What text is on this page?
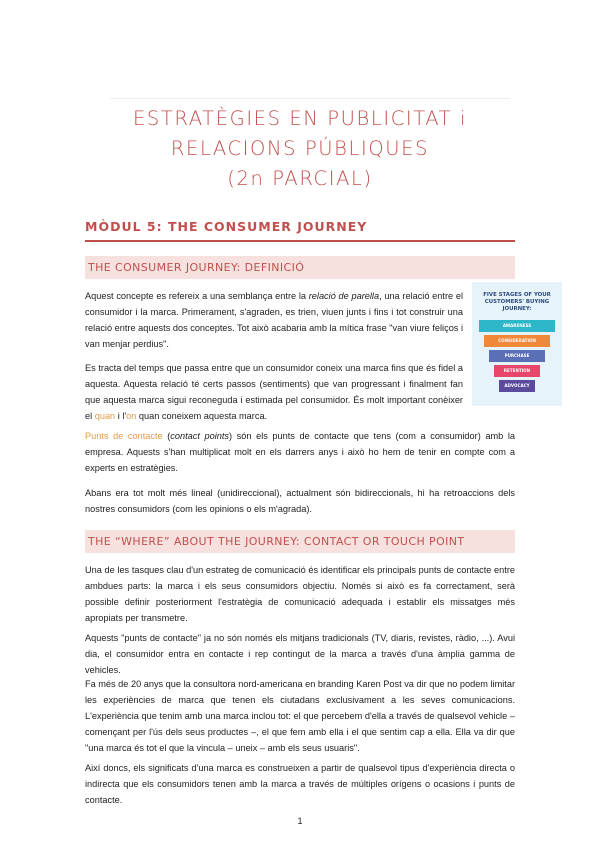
ESTRATÈGIES EN PUBLICITAT i

RELACIONS PÚBLIQUES

(2n PARCIAL)

MÒDUL 5: THE CONSUMER JOURNEY
THE CONSUMER JOURNEY: DEFINICIÓ

Aquest concepte es refereix a una semblança entre la relació de parella, una relació entre el consumidor i la marca. Primerament, s'agraden, es trien, viuen junts i fins i tot construir una relació entre aquests dos conceptes. Tot això acabaria amb la mítica frase "van viure feliços i van menjar perdius".

Es tracta del temps que passa entre que un consumidor coneix una marca fins que és fidel a aquesta. Aquesta relació té certs passos (sentiments) que van progressant i finalment fan que aquesta marca sigui reconeguda i estimada pel consumidor. És molt important conèixer el quan i l'on quan coneixem aquesta marca.

Punts de contacte (contact points) són els punts de contacte que tens (com a consumidor) amb la empresa. Aquests s'han multiplicat molt en els darrers anys i això ho hem de tenir en compte com a experts en estratègies.

Abans era tot molt més lineal (unidireccional), actualment són bidireccionals, hi ha retroaccions dels nostres consumidors (com les opinions o els m'agrada).

FIVE STAGES OF YOUR CUSTOMERS' BUYING JOURNEY:
AWARENESS
CONSIDERATION
PURCHASE
RETENTION
ADVOCACY
THE “WHERE” ABOUT THE JOURNEY: CONTACT OR TOUCH POINT

Una de les tasques clau d'un estrateg de comunicació és identificar els principals punts de contacte entre ambdues parts: la marca i els seus consumidors objectiu. Només si això es fa correctament, serà possible definir posteriorment l'estratègia de comunicació adequada i establir els missatges més apropiats per transmetre.

Aquests "punts de contacte" ja no són només els mitjans tradicionals (TV, diaris, revistes, ràdio, ...). Avui dia, el consumidor entra en contacte i rep contingut de la marca a través d'una àmplia gamma de vehicles.

Fa més de 20 anys que la consultora nord-americana en branding Karen Post va dir que no podem limitar les experiències de marca que tenen els ciutadans exclusivament a les seves comunicacions. L'experiència que tenim amb una marca inclou tot: el que percebem d'ella a través de qualsevol vehicle – començant per l'ús dels seus productes –, el que fem amb ella i el que sentim cap a ella. Ella va dir que "una marca és tot el que la vincula – uneix – amb els seus usuaris".

Així doncs, els significats d'una marca es construeixen a partir de qualsevol tipus d'experiència directa o indirecta que els consumidors tenen amb la marca a través de múltiples orígens o ocasions i punts de contacte.

1
